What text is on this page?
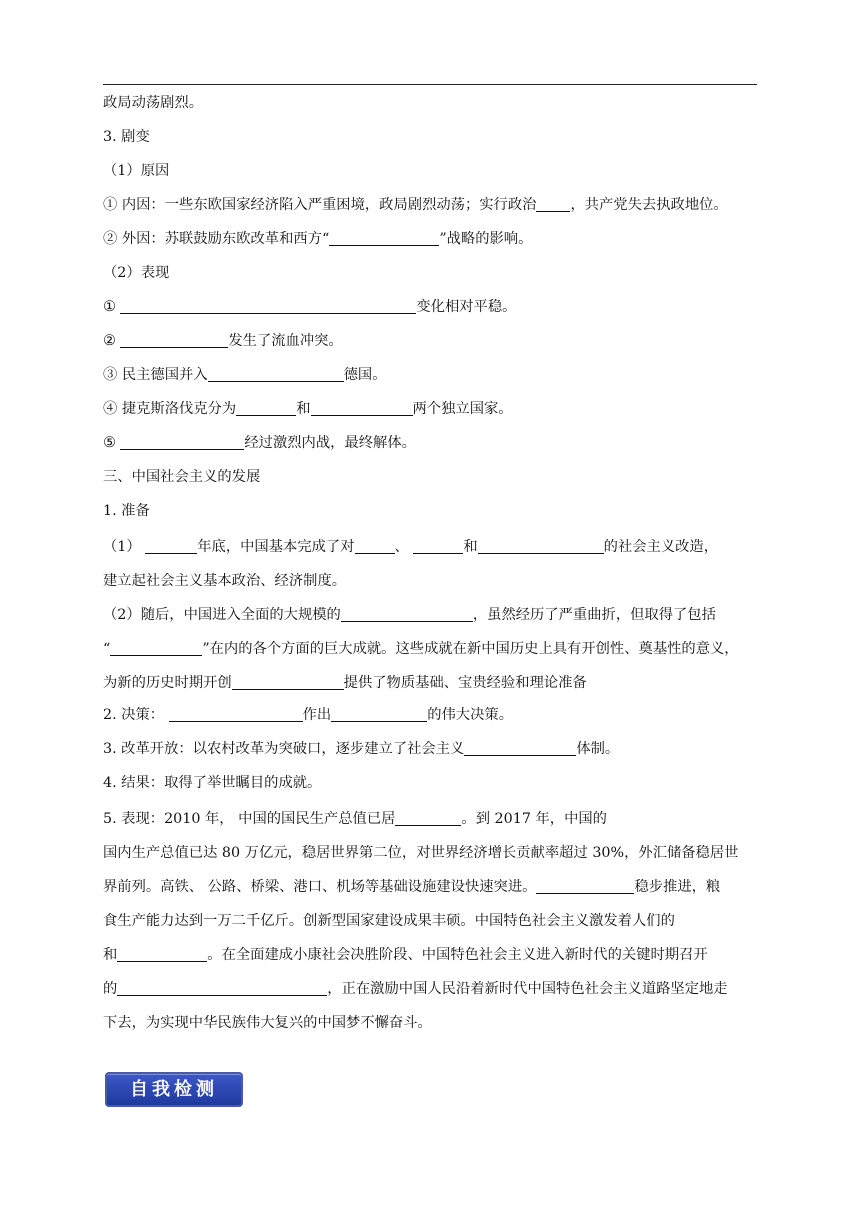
政局动荡剧烈。
3. 剧变
（1）原因
① 内因：一些东欧国家经济陷入严重困境，政局剧烈动荡；实行政治 ，共产党失去执政地位。
② 外因：苏联鼓励东欧改革和西方“	”战略的影响。
（2）表现
①	变化相对平稳。
②	发生了流血冲突。
③ 民主德国并入	德国。
④ 捷克斯洛伐克分为	和	两个独立国家。
⑤	经过激烈内战，最终解体。
三、中国社会主义的发展
1. 准备
（1）	年底，中国基本完成了对	、	和	的社会主义改造，
建立起社会主义基本政治、经济制度。
（2）随后，中国进入全面的大规模的	，虽然经历了严重曲折，但取得了包括
“	”在内的各个方面的巨大成就。这些成就在新中国历史上具有开创性、奠基性的意义，
为新的历史时期开创	提供了物质基础、宝贵经验和理论准备
2. 决策：	作出	的伟大决策。
3. 改革开放：以农村改革为突破口，逐步建立了社会主义	体制。
4. 结果：取得了举世瞩目的成就。
5. 表现：2010 年， 中国的国民生产总值已居	。到 2017 年，中国的
国内生产总值已达 80 万亿元，稳居世界第二位，对世界经济增长贡献率超过 30%，外汇储备稳居世
界前列。高铁、 公路、桥梁、港口、机场等基础设施建设快速突进。	稳步推进，粮
食生产能力达到一万二千亿斤。创新型国家建设成果丰硕。中国特色社会主义激发着人们的
和	。在全面建成小康社会决胜阶段、中国特色社会主义进入新时代的关键时期召开
的	，正在激励中国人民沿着新时代中国特色社会主义道路坚定地走
下去，为实现中华民族伟大复兴的中国梦不懈奋斗。
自我检测
